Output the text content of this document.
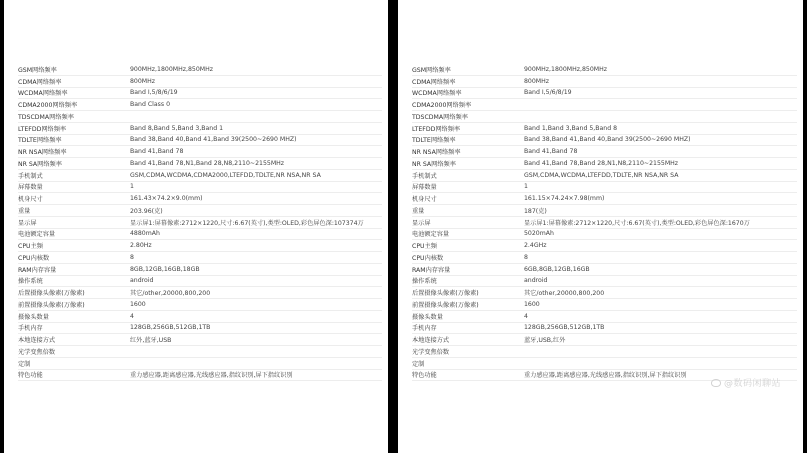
GSM网络频率	900MHz,1800MHz,850MHz
CDMA网络频率	800MHz
WCDMA网络频率	Band Ⅰ,5/8/6/19
CDMA2000网络频率	Band Class 0
TDSCDMA网络频率
LTEFDD网络频率	Band 8,Band 5,Band 3,Band 1
TDLTE网络频率	Band 38,Band 40,Band 41,Band 39(2500~2690 MHZ)
NR NSA网络频率	Band 41,Band 78
NR SA网络频率	Band 41,Band 78,N1,Band 28,N8,2110~2155MHz
手机制式	GSM,CDMA,WCDMA,CDMA2000,LTEFDD,TDLTE,NR NSA,NR SA
屏幕数量	1
机身尺寸	161.43×74.2×9.0(mm)
重量	203.96(克)
显示屏	显示屏1:屏幕像素:2712×1220,尺寸:6.67(英寸),类型:OLED,彩色屏色深:107374万
电池额定容量	4880mAh
CPU主频	2.80Hz
CPU内核数	8
RAM内存容量	8GB,12GB,16GB,18GB
操作系统	android
后置摄像头像素(万像素)	其它/other,20000,800,200
前置摄像头像素(万像素)	1600
摄像头数量	4
手机内存	128GB,256GB,512GB,1TB
本地连接方式	红外,蓝牙,USB
光学变焦倍数
定制
特色功能	重力感应器,距离感应器,光线感应器,指纹识别,屏下指纹识别
GSM网络频率	900MHz,1800MHz,850MHz
CDMA网络频率	800MHz
WCDMA网络频率	Band Ⅰ,5/6/8/19
CDMA2000网络频率
TDSCDMA网络频率
LTEFDD网络频率	Band 1,Band 3,Band 5,Band 8
TDLTE网络频率	Band 38,Band 41,Band 40,Band 39(2500~2690 MHZ)
NR NSA网络频率	Band 41,Band 78
NR SA网络频率	Band 41,Band 78,Band 28,N1,N8,2110~2155MHz
手机制式	GSM,CDMA,WCDMA,LTEFDD,TDLTE,NR NSA,NR SA
屏幕数量	1
机身尺寸	161.15×74.24×7.98(mm)
重量	187(克)
显示屏	显示屏1:屏幕像素:2712×1220,尺寸:6.67(英寸),类型:OLED,彩色屏色深:1670万
电池额定容量	5020mAh
CPU主频	2.4GHz
CPU内核数	8
RAM内存容量	6GB,8GB,12GB,16GB
操作系统	android
后置摄像头像素(万像素)	其它/other,20000,800,200
前置摄像头像素(万像素)	1600
摄像头数量	4
手机内存	128GB,256GB,512GB,1TB
本地连接方式	蓝牙,USB,红外
光学变焦倍数
定制
特色功能	重力感应器,距离感应器,光线感应器,指纹识别,屏下指纹识别
@数码闲聊站
